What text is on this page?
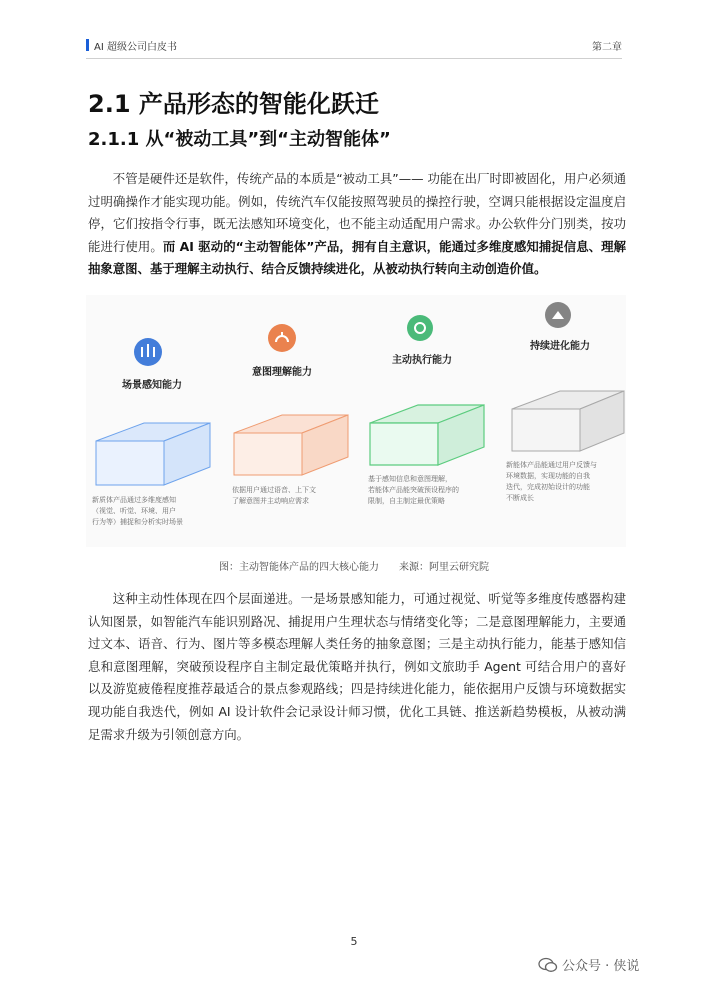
AI 超级公司白皮书	第二章
2.1 产品形态的智能化跃迁
2.1.1 从“被动工具”到“主动智能体”

不管是硬件还是软件，传统产品的本质是“被动工具”—— 功能在出厂时即被固化，用户必须通过明确操作才能实现功能。例如，传统汽车仅能按照驾驶员的操控行驶，空调只能根据设定温度启停，它们按指令行事，既无法感知环境变化，也不能主动适配用户需求。办公软件分门别类，按功能进行使用。而 AI 驱动的“主动智能体”产品，拥有自主意识，能通过多维度感知捕捉信息、理解抽象意图、基于理解主动执行、结合反馈持续进化，从被动执行转向主动创造价值。

场景感知能力
新质体产品通过多维度感知
（视觉、听觉、环境、用户
行为等）捕捉和分析实时场景
意图理解能力
依据用户通过语音、上下文
了解意图并主动响应需求
主动执行能力
基于感知信息和意图理解，
若能体产品能突破预设程序的
限制，自主制定最优策略
持续进化能力
新能体产品能通过用户反馈与
环境数据，实现功能的自我
迭代，完成初始设计的功能
不断成长
图：主动智能体产品的四大核心能力　　来源：阿里云研究院

这种主动性体现在四个层面递进。一是场景感知能力，可通过视觉、听觉等多维度传感器构建认知图景，如智能汽车能识别路况、捕捉用户生理状态与情绪变化等；二是意图理解能力，主要通过文本、语音、行为、图片等多模态理解人类任务的抽象意图；三是主动执行能力，能基于感知信息和意图理解，突破预设程序自主制定最优策略并执行，例如文旅助手 Agent 可结合用户的喜好以及游览疲倦程度推荐最适合的景点参观路线；四是持续进化能力，能依据用户反馈与环境数据实现功能自我迭代，例如 AI 设计软件会记录设计师习惯，优化工具链、推送新趋势模板，从被动满足需求升级为引领创意方向。

5
公众号 · 侠说
